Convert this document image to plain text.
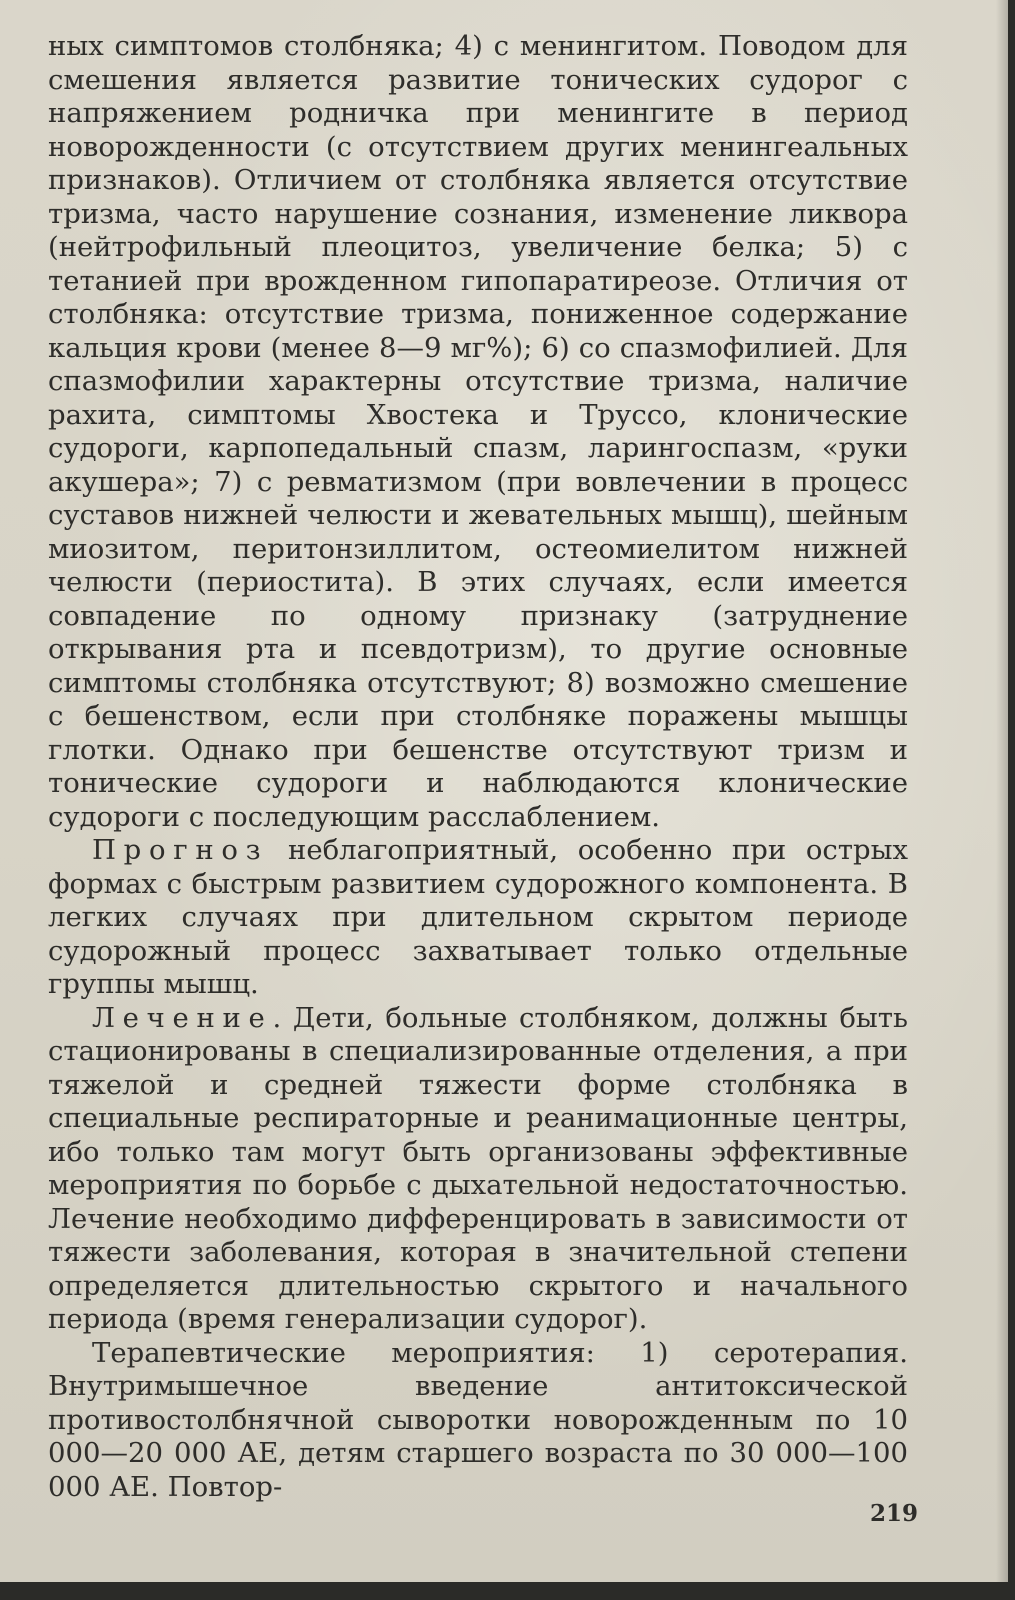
ных симптомов столбняка; 4) с менингитом. Поводом для смешения является развитие тонических судорог с напряжением родничка при менингите в период новорожденности (с отсутствием других менингеальных признаков). Отличием от столбняка является отсутствие тризма, часто нарушение сознания, изменение ликвора (нейтрофильный плеоцитоз, увеличение белка; 5) с тетанией при врожденном гипопаратиреозе. Отличия от столбняка: отсутствие тризма, пониженное содержание кальция крови (менее 8—9 мг%); 6) со спазмофилией. Для спазмофилии характерны отсутствие тризма, наличие рахита, симптомы Хвостека и Труссо, клонические судороги, карпопедальный спазм, ларингоспазм, «руки акушера»; 7) с ревматизмом (при вовлечении в процесс суставов нижней челюсти и жевательных мышц), шейным миозитом, перитонзиллитом, остеомиелитом нижней челюсти (периостита). В этих случаях, если имеется совпадение по одному признаку (затруднение открывания рта и псевдотризм), то другие основные симптомы столбняка отсутствуют; 8) возможно смешение с бешенством, если при столбняке поражены мышцы глотки. Однако при бешенстве отсутствуют тризм и тонические судороги и наблюдаются клонические судороги с последующим расслаблением.

Прогноз неблагоприятный, особенно при острых формах с быстрым развитием судорожного компонента. В легких случаях при длительном скрытом периоде судорожный процесс захватывает только отдельные группы мышц.

Лечение. Дети, больные столбняком, должны быть стационированы в специализированные отделения, а при тяжелой и средней тяжести форме столбняка в специальные респираторные и реанимационные центры, ибо только там могут быть организованы эффективные мероприятия по борьбе с дыхательной недостаточностью. Лечение необходимо дифференцировать в зависимости от тяжести заболевания, которая в значительной степени определяется длительностью скрытого и начального периода (время генерализации судорог).

Терапевтические мероприятия: 1) серотерапия. Внутримышечное введение антитоксической противостолбнячной сыворотки новорожденным по 10 000—20 000 АЕ, детям старшего возраста по 30 000—100 000 АЕ. Повтор-

219
